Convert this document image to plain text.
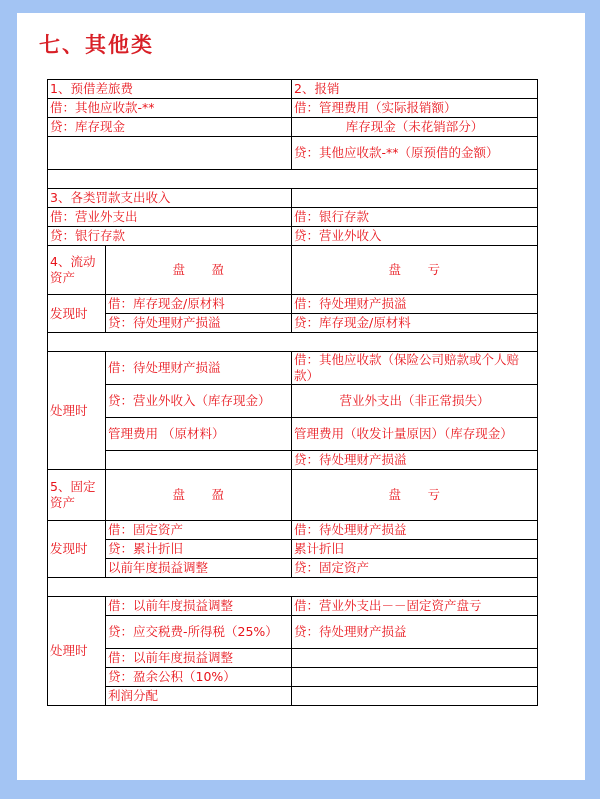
七、其他类
1、预借差旅费		2、报销
借：其他应收款-**		借：管理费用（实际报销额）
贷：库存现金		库存现金（未花销部分）
		贷：其他应收款-**（原预借的金额）

3、各类罚款支出收入		
借：营业外支出		借：银行存款
贷：银行存款		贷：营业外收入
4、流动资产	盘　　盈	盘　　亏
发现时	借：库存现金/原材料	借：待处理财产损溢
	贷：待处理财产损溢	贷：库存现金/原材料

处理时	借：待处理财产损溢	借：其他应收款（保险公司赔款或个人赔款）
	贷：营业外收入（库存现金）	营业外支出（非正常损失）
	管理费用 （原材料）	管理费用（收发计量原因）（库存现金）
		贷：待处理财产损溢
5、固定资产	盘　　盈	盘　　亏
发现时	借：固定资产	借：待处理财产损益
	贷：累计折旧	累计折旧
	以前年度损益调整	贷：固定资产

处理时	借：以前年度损益调整	借：营业外支出－－固定资产盘亏
	贷：应交税费-所得税（25%）	贷：待处理财产损益
	借：以前年度损益调整	
	贷：盈余公积（10%）	
	利润分配	
